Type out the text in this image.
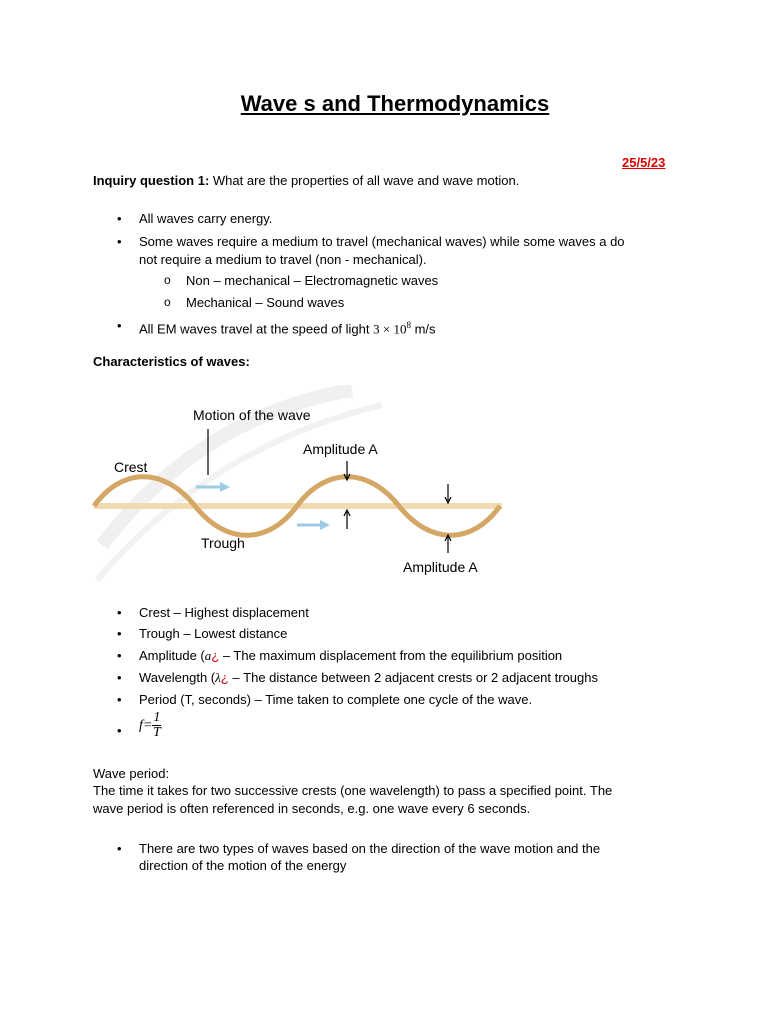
Wave s and Thermodynamics
25/5/23
Inquiry question 1: What are the properties of all wave and wave motion.
• All waves carry energy.
• Some waves require a medium to travel (mechanical waves) while some waves a do
not require a medium to travel (non - mechanical).
o Non – mechanical – Electromagnetic waves
o Mechanical – Sound waves
• All EM waves travel at the speed of light $3 \times 10^8$ m/s
Characteristics of waves:
Motion of the wave
Amplitude A
Crest
Trough
Amplitude A
• Crest – Highest displacement
• Trough – Lowest distance
• Amplitude (a¿ – The maximum displacement from the equilibrium position
• Wavelength (λ¿ – The distance between 2 adjacent crests or 2 adjacent troughs
• Period (T, seconds) – Time taken to complete one cycle of the wave.
• $f= \frac{1}{T}$
Wave period:
The time it takes for two successive crests (one wavelength) to pass a specified point. The
wave period is often referenced in seconds, e.g. one wave every 6 seconds.
• There are two types of waves based on the direction of the wave motion and the
direction of the motion of the energy
